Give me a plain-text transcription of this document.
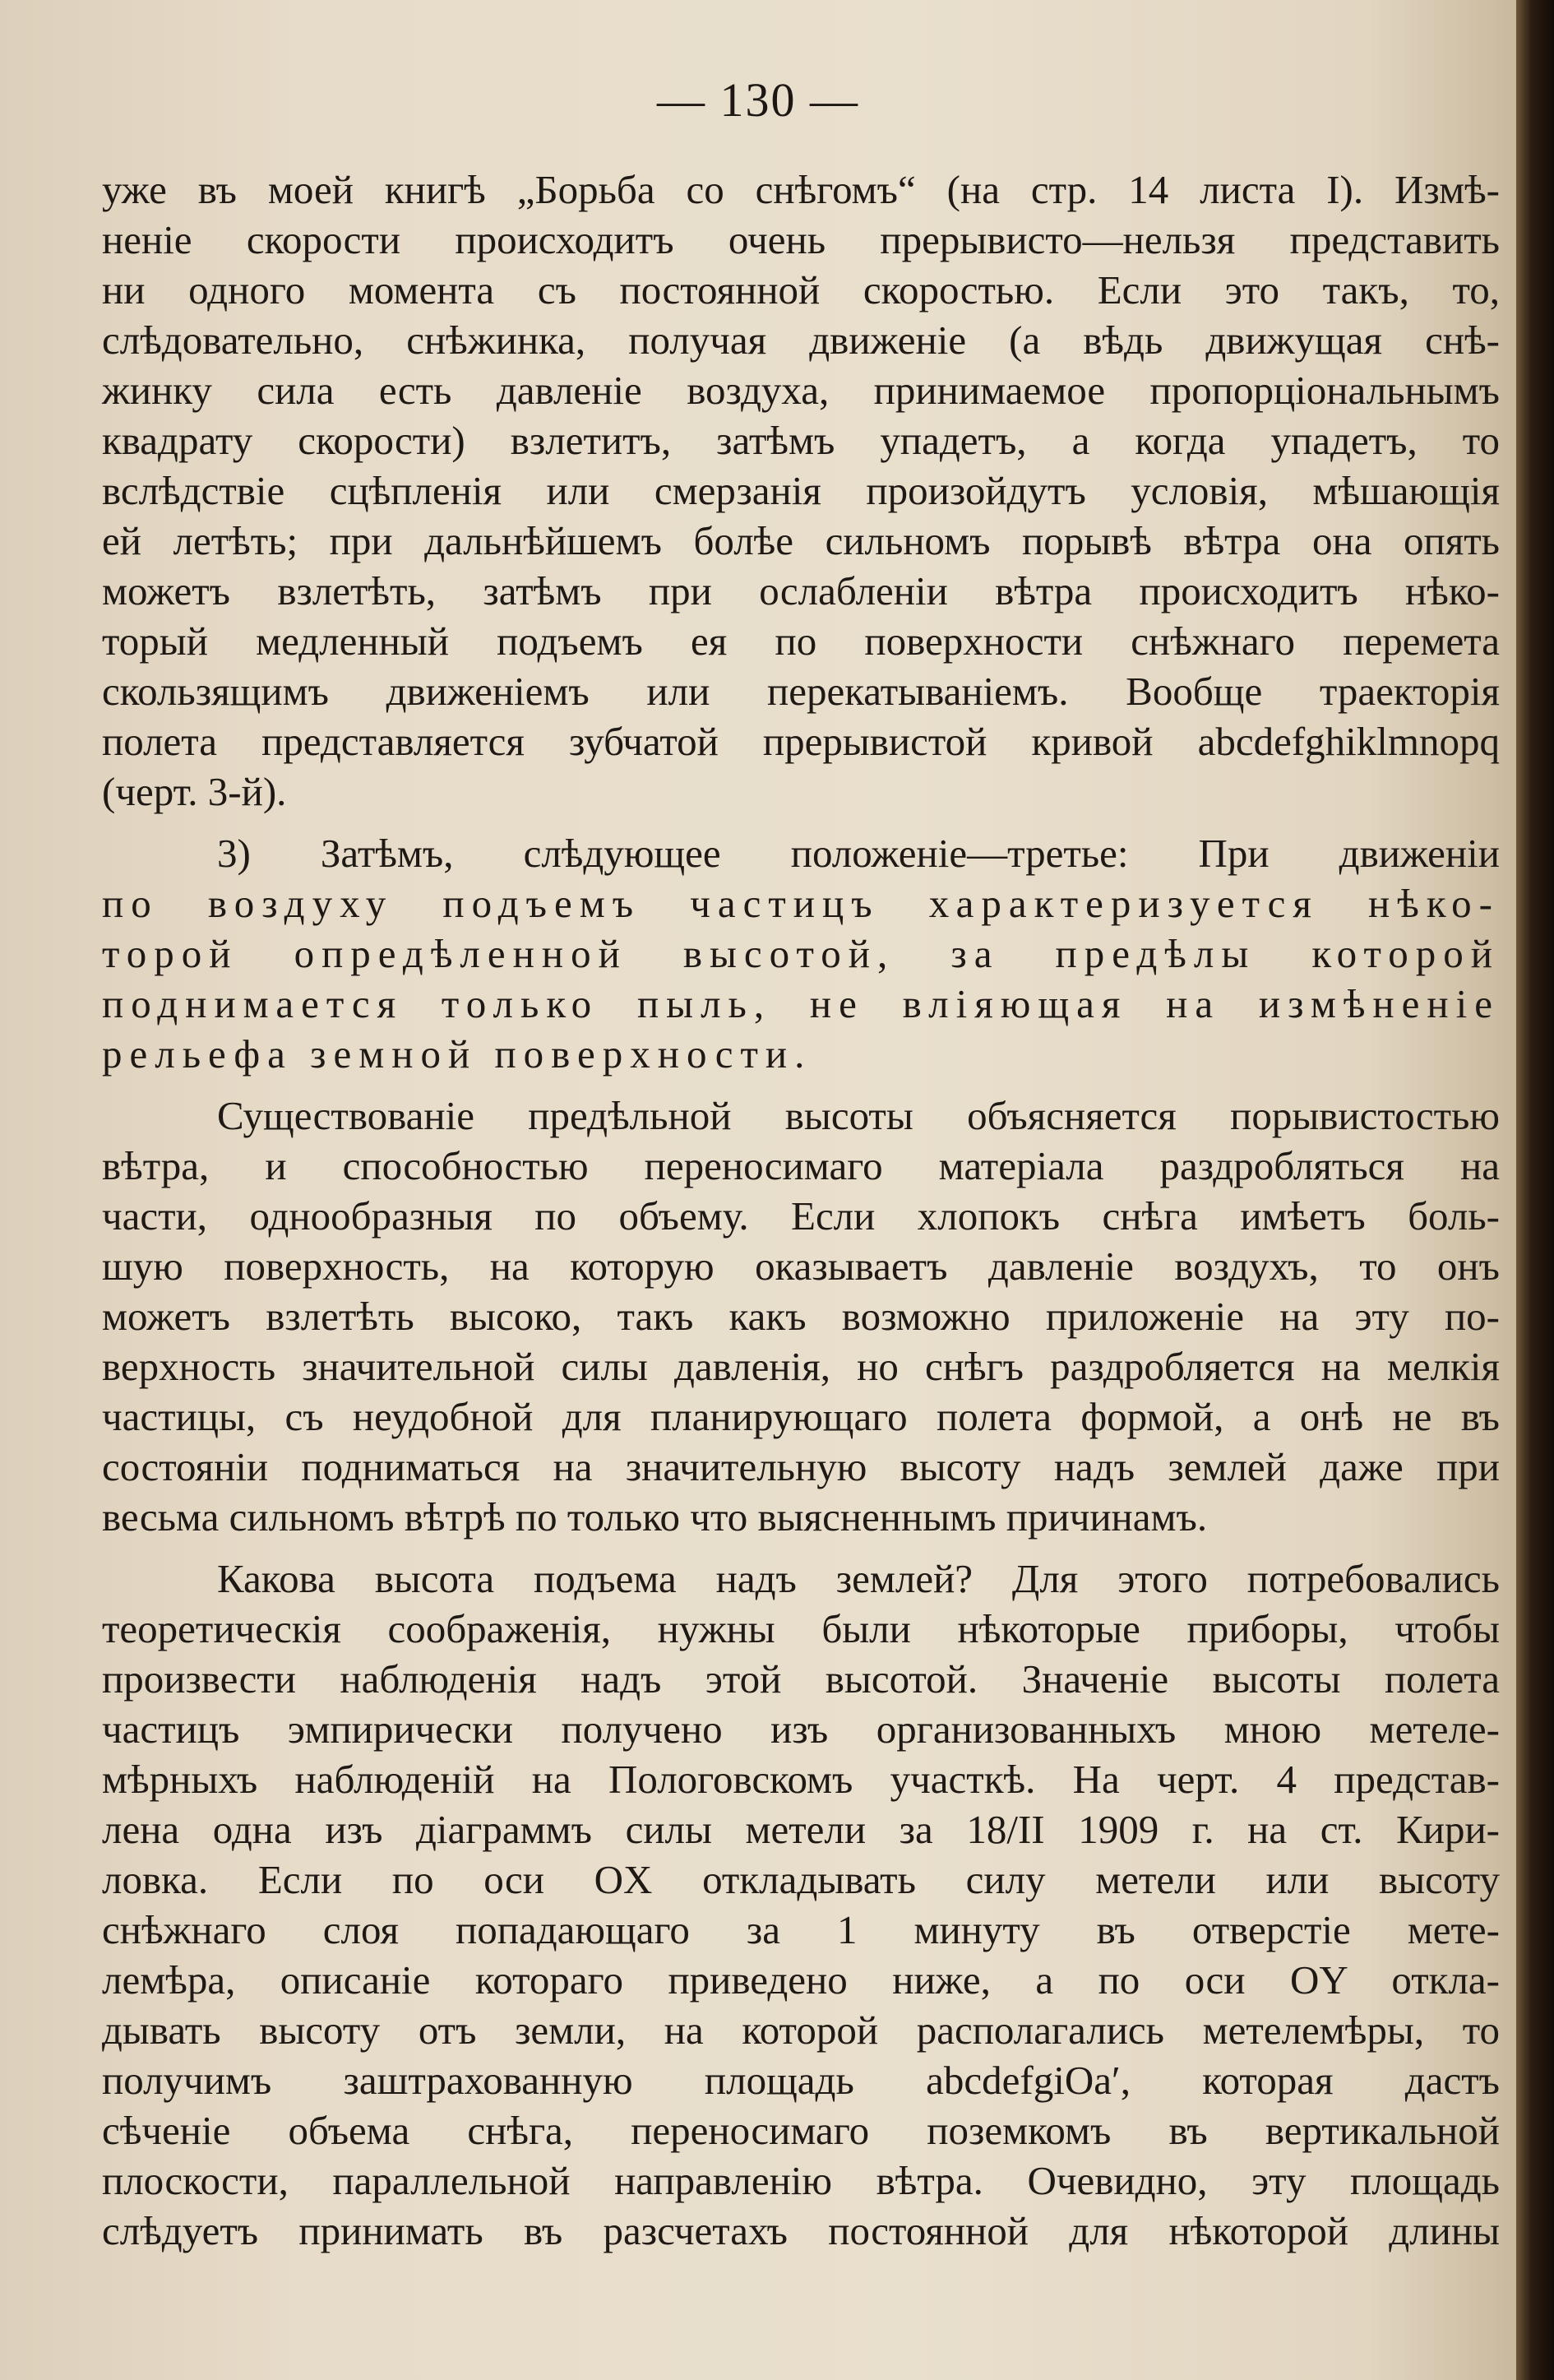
— 130 —
уже въ моей книгѣ „Борьба со снѣгомъ“ (на стр. 14 листа I). Измѣ-
неніе скорости происходитъ очень прерывисто—нельзя представить
ни одного момента съ постоянной скоростью. Если это такъ, то,
слѣдовательно, снѣжинка, получая движеніе (а вѣдь движущая снѣ-
жинку сила есть давленіе воздуха, принимаемое пропорціональнымъ
квадрату скорости) взлетитъ, затѣмъ упадетъ, а когда упадетъ, то
вслѣдствіе сцѣпленія или смерзанія произойдутъ условія, мѣшающія
ей летѣть; при дальнѣйшемъ болѣе сильномъ порывѣ вѣтра она опять
можетъ взлетѣть, затѣмъ при ослабленіи вѣтра происходитъ нѣко-
торый медленный подъемъ ея по поверхности снѣжнаго перемета
скользящимъ движеніемъ или перекатываніемъ. Вообще траекторія
полета представляется зубчатой прерывистой кривой abcdefghiklmnopq
(черт. 3-й).
3) Затѣмъ, слѣдующее положеніе—третье: При движеніи
по воздуху подъемъ частицъ характеризуется нѣко-
торой опредѣленной высотой, за предѣлы которой
поднимается только пыль, не вліяющая на измѣненіе
рельефа земной поверхности.
Существованіе предѣльной высоты объясняется порывистостью
вѣтра, и способностью переносимаго матеріала раздробляться на
части, однообразныя по объему. Если хлопокъ снѣга имѣетъ боль-
шую поверхность, на которую оказываетъ давленіе воздухъ, то онъ
можетъ взлетѣть высоко, такъ какъ возможно приложеніе на эту по-
верхность значительной силы давленія, но снѣгъ раздробляется на мелкія
частицы, съ неудобной для планирующаго полета формой, а онѣ не въ
состояніи подниматься на значительную высоту надъ землей даже при
весьма сильномъ вѣтрѣ по только что выясненнымъ причинамъ.
Какова высота подъема надъ землей? Для этого потребовались
теоретическія соображенія, нужны были нѣкоторые приборы, чтобы
произвести наблюденія надъ этой высотой. Значеніе высоты полета
частицъ эмпирически получено изъ организованныхъ мною метеле-
мѣрныхъ наблюденій на Пологовскомъ участкѣ. На черт. 4 представ-
лена одна изъ діаграммъ силы метели за 18/II 1909 г. на ст. Кири-
ловка. Если по оси OX откладывать силу метели или высоту
снѣжнаго слоя попадающаго за 1 минуту въ отверстіе мете-
лемѣра, описаніе котораго приведено ниже, а по оси OY откла-
дывать высоту отъ земли, на которой располагались метелемѣры, то
получимъ заштрахованную площадь abcdefgiOa′, которая дастъ
сѣченіе объема снѣга, переносимаго поземкомъ въ вертикальной
плоскости, параллельной направленію вѣтра. Очевидно, эту площадь
слѣдуетъ принимать въ разсчетахъ постоянной для нѣкоторой длины
